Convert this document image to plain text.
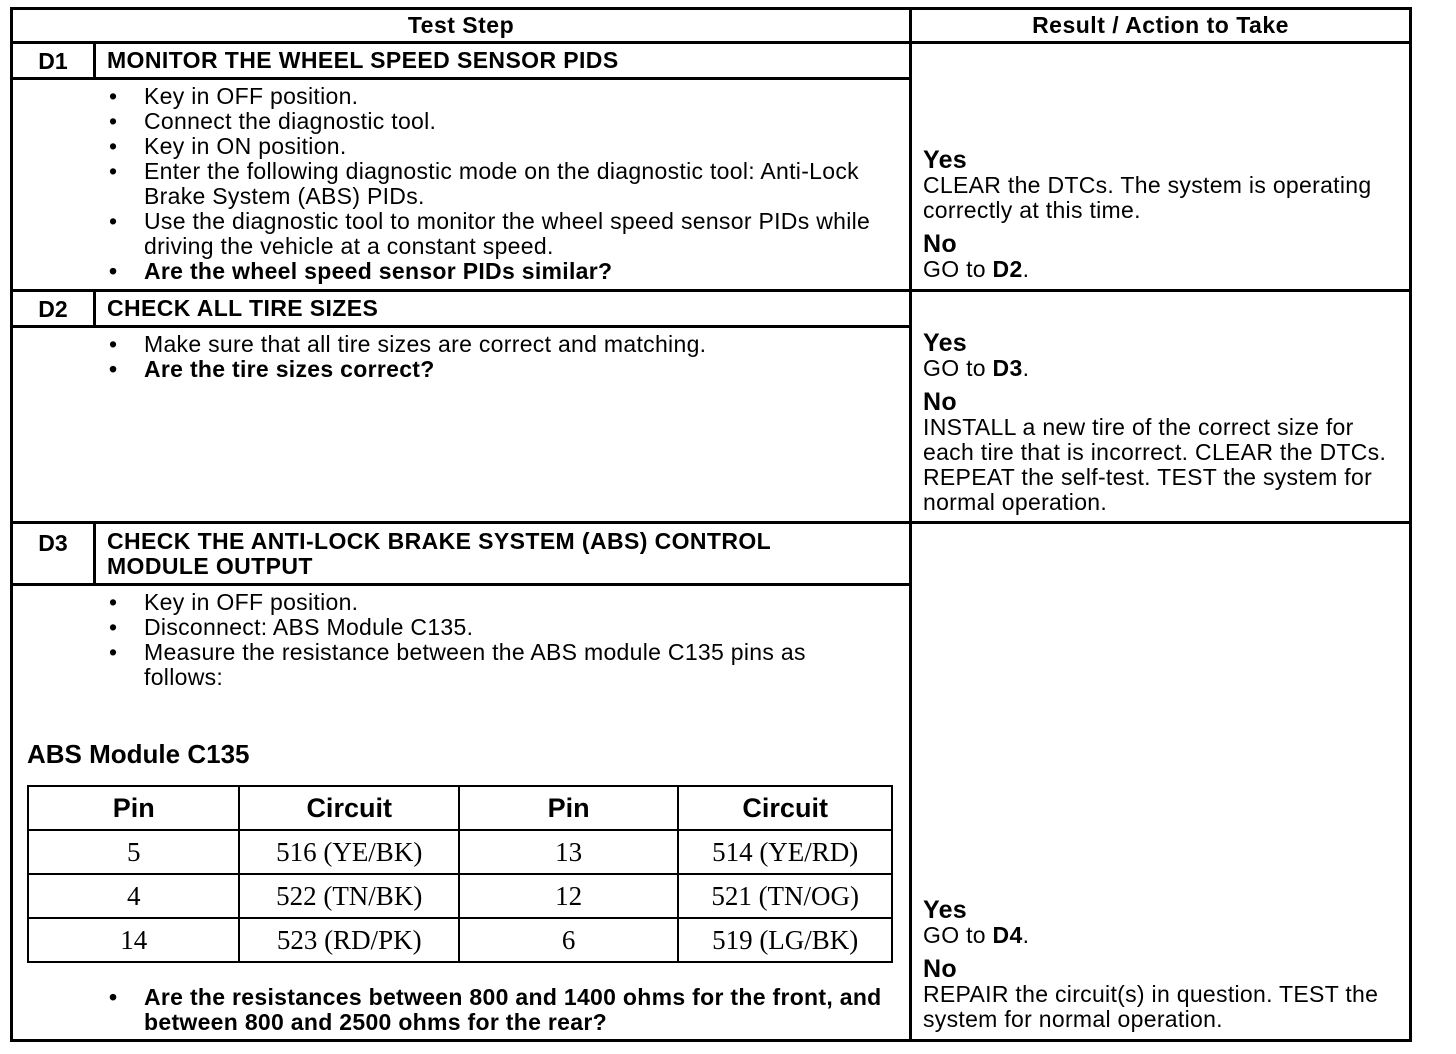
Test Step	Result / Action to Take
D1	MONITOR THE WHEEL SPEED SENSOR PIDS
• Key in OFF position.
• Connect the diagnostic tool.
• Key in ON position.
• Enter the following diagnostic mode on the diagnostic tool: Anti-Lock Brake System (ABS) PIDs.
• Use the diagnostic tool to monitor the wheel speed sensor PIDs while driving the vehicle at a constant speed.
• Are the wheel speed sensor PIDs similar?
Yes
CLEAR the DTCs. The system is operating correctly at this time.
No
GO to D2.
D2	CHECK ALL TIRE SIZES
• Make sure that all tire sizes are correct and matching.
• Are the tire sizes correct?
Yes
GO to D3.
No
INSTALL a new tire of the correct size for each tire that is incorrect. CLEAR the DTCs. REPEAT the self-test. TEST the system for normal operation.
D3	CHECK THE ANTI-LOCK BRAKE SYSTEM (ABS) CONTROL
MODULE OUTPUT
• Key in OFF position.
• Disconnect: ABS Module C135.
• Measure the resistance between the ABS module C135 pins as follows:
ABS Module C135
Pin	Circuit	Pin	Circuit
5	516 (YE/BK)	13	514 (YE/RD)
4	522 (TN/BK)	12	521 (TN/OG)
14	523 (RD/PK)	6	519 (LG/BK)
• Are the resistances between 800 and 1400 ohms for the front, and between 800 and 2500 ohms for the rear?
Yes
GO to D4.
No
REPAIR the circuit(s) in question. TEST the system for normal operation.
